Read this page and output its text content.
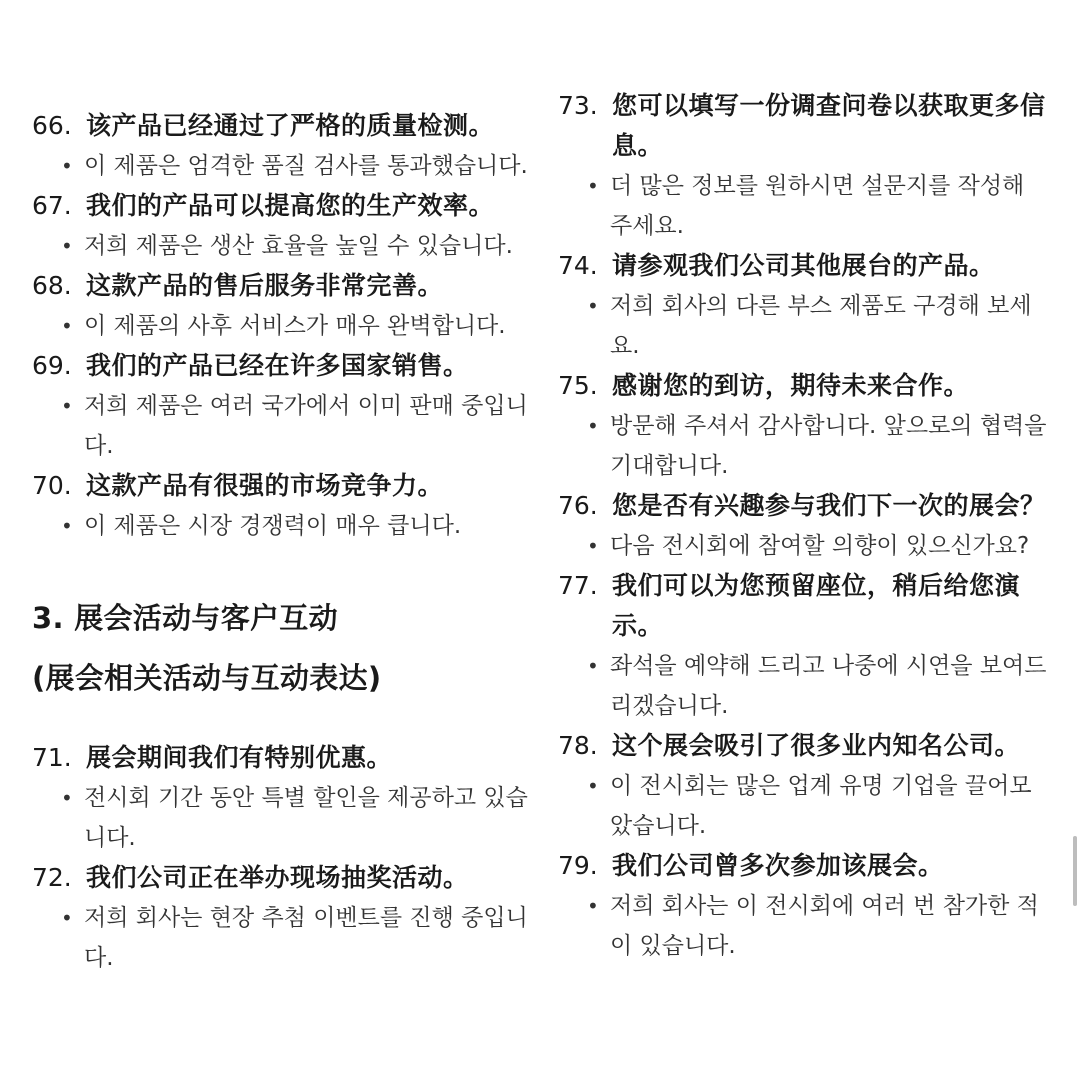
66. 该产品已经通过了严格的质量检测。
• 이 제품은 엄격한 품질 검사를 통과했습니다.
67. 我们的产品可以提高您的生产效率。
• 저희 제품은 생산 효율을 높일 수 있습니다.
68. 这款产品的售后服务非常完善。
• 이 제품의 사후 서비스가 매우 완벽합니다.
69. 我们的产品已经在许多国家销售。
• 저희 제품은 여러 국가에서 이미 판매 중입니다.
70. 这款产品有很强的市场竞争力。
• 이 제품은 시장 경쟁력이 매우 큽니다.

3. 展会活动与客户互动

(展会相关活动与互动表达)

71. 展会期间我们有特别优惠。
• 전시회 기간 동안 특별 할인을 제공하고 있습니다.
72. 我们公司正在举办现场抽奖活动。
• 저희 회사는 현장 추첨 이벤트를 진행 중입니다.
73. 您可以填写一份调查问卷以获取更多信息。
• 더 많은 정보를 원하시면 설문지를 작성해 주세요.
74. 请参观我们公司其他展台的产品。
• 저희 회사의 다른 부스 제품도 구경해 보세요.
75. 感谢您的到访，期待未来合作。
• 방문해 주셔서 감사합니다. 앞으로의 협력을 기대합니다.
76. 您是否有兴趣参与我们下一次的展会？
• 다음 전시회에 참여할 의향이 있으신가요?
77. 我们可以为您预留座位，稍后给您演示。
• 좌석을 예약해 드리고 나중에 시연을 보여드리겠습니다.
78. 这个展会吸引了很多业内知名公司。
• 이 전시회는 많은 업계 유명 기업을 끌어모았습니다.
79. 我们公司曾多次参加该展会。
• 저희 회사는 이 전시회에 여러 번 참가한 적이 있습니다.
